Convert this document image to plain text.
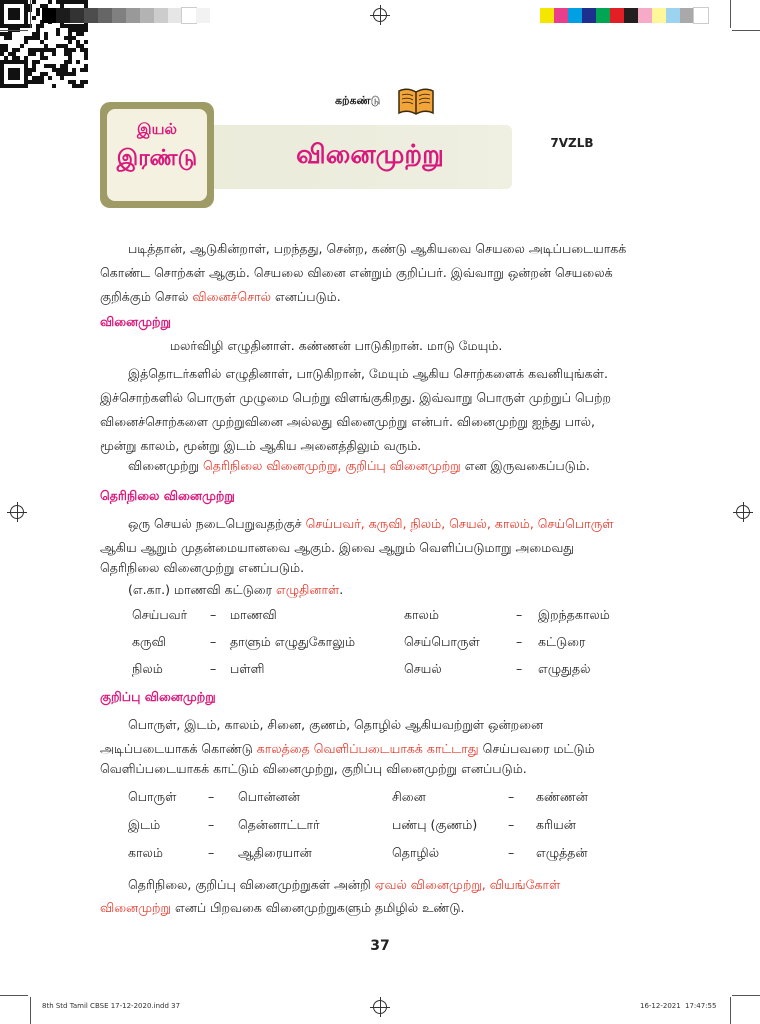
இயல்
இரண்டு
கற்கண்டு
வினைமுற்று	7VZLB

படித்தான், ஆடுகின்றாள், பறந்தது, சென்ற, கண்டு ஆகியவை செயலை அடிப்படையாகக்

கொண்ட சொற்கள் ஆகும். செயலை வினை என்றும் குறிப்பர். இவ்வாறு ஒன்றன் செயலைக்

குறிக்கும் சொல் வினைச்சொல் எனப்படும்.

வினைமுற்று

மலர்விழி எழுதினாள். கண்ணன் பாடுகிறான். மாடு மேயும்.

இத்தொடர்களில் எழுதினாள், பாடுகிறான், மேயும் ஆகிய சொற்களைக் கவனியுங்கள்.

இச்சொற்களில் பொருள் முழுமை பெற்று விளங்குகிறது. இவ்வாறு பொருள் முற்றுப் பெற்ற

வினைச்சொற்களை முற்றுவினை அல்லது வினைமுற்று என்பர். வினைமுற்று ஐந்து பால்,

மூன்று காலம், மூன்று இடம் ஆகிய அனைத்திலும் வரும்.

வினைமுற்று தெரிநிலை வினைமுற்று, குறிப்பு வினைமுற்று என இருவகைப்படும்.

தெரிநிலை வினைமுற்று

ஒரு செயல் நடைபெறுவதற்குச் செய்பவர், கருவி, நிலம், செயல், காலம், செய்பொருள்

ஆகிய ஆறும் முதன்மையானவை ஆகும். இவை ஆறும் வெளிப்படுமாறு அமைவது

தெரிநிலை வினைமுற்று எனப்படும்.

(எ.கா.) மாணவி கட்டுரை எழுதினாள்.

செய்பவர் – மாணவி	காலம்	– இறந்தகாலம்
கருவி	– தாளும் எழுதுகோலும்	செய்பொருள்	– கட்டுரை
நிலம்	– பள்ளி	செயல்	– எழுதுதல்
குறிப்பு வினைமுற்று

பொருள், இடம், காலம், சினை, குணம், தொழில் ஆகியவற்றுள் ஒன்றனை

அடிப்படையாகக் கொண்டு காலத்தை வெளிப்படையாகக் காட்டாது செய்பவரை மட்டும்

வெளிப்படையாகக் காட்டும் வினைமுற்று, குறிப்பு வினைமுற்று எனப்படும்.

பொருள்	– பொன்னன்	சினை	– கண்ணன்
இடம்	– தென்னாட்டார்	பண்பு (குணம்) – கரியன்
காலம்	– ஆதிரையான்	தொழில்	– எழுத்தன்

தெரிநிலை, குறிப்பு வினைமுற்றுகள் அன்றி ஏவல் வினைமுற்று, வியங்கோள்

வினைமுற்று எனப் பிறவகை வினைமுற்றுகளும் தமிழில் உண்டு.

37
8th Std Tamil CBSE 17-12-2020.indd 37	16-12-2021 17:47:55
